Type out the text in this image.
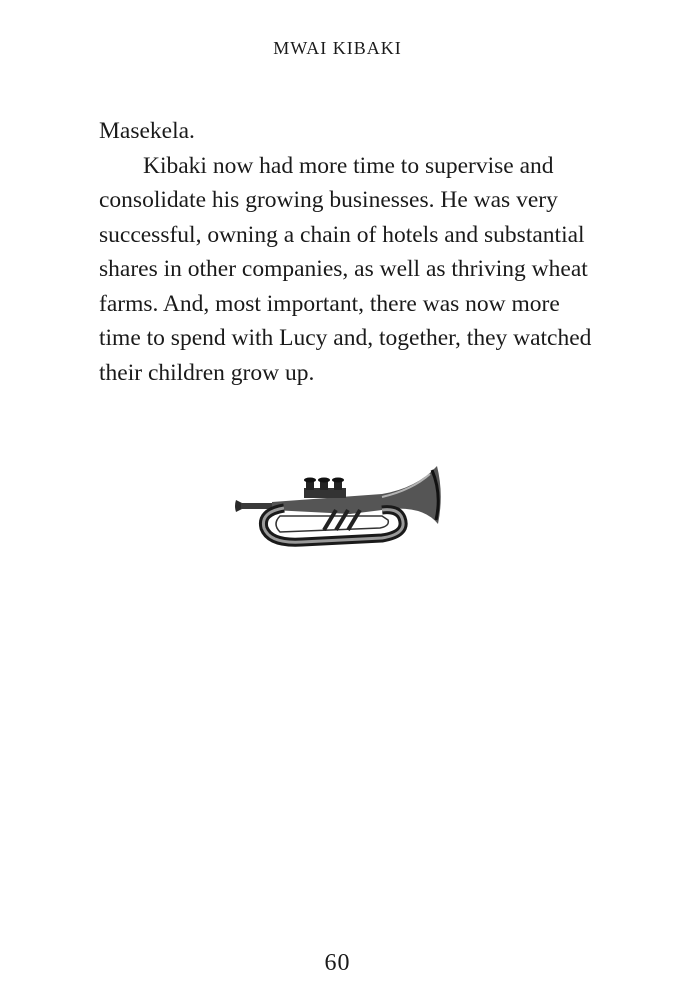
MWAI KIBAKI

Masekela.

Kibaki now had more time to supervise and consolidate his growing businesses. He was very successful, owning a chain of hotels and substantial shares in other companies, as well as thriving wheat farms. And, most important, there was now more time to spend with Lucy and, together, they watched their children grow up.

60
